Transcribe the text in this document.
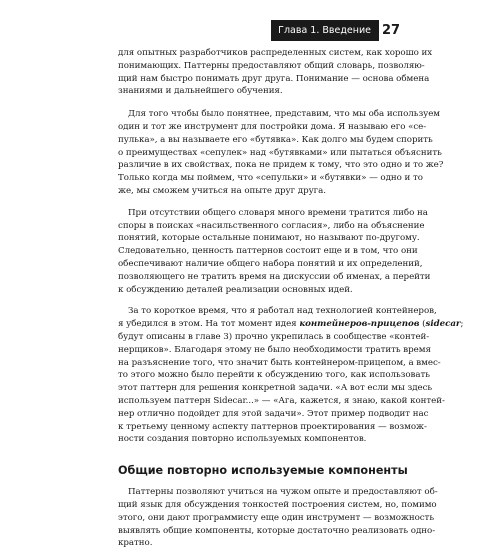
Глава 1. Введение 27

для опытных разработчиков распределенных систем, как хорошо их
понимающих. Паттерны предоставляют общий словарь, позволяю-
щий нам быстро понимать друг друга. Понимание — основа обмена
знаниями и дальнейшего обучения.

Для того чтобы было понятнее, представим, что мы оба используем
один и тот же инструмент для постройки дома. Я называю его «се-
пулька», а вы называете его «бутявка». Как долго мы будем спорить
о преимуществах «сепулек» над «бутявками» или пытаться объяснить
различие в их свойствах, пока не придем к тому, что это одно и то же?
Только когда мы поймем, что «сепульки» и «бутявки» — одно и то
же, мы сможем учиться на опыте друг друга.

При отсутствии общего словаря много времени тратится либо на
споры в поисках «насильственного согласия», либо на объяснение
понятий, которые остальные понимают, но называют по-другому.
Следовательно, ценность паттернов состоит еще и в том, что они
обеспечивают наличие общего набора понятий и их определений,
позволяющего не тратить время на дискуссии об именах, а перейти
к обсуждению деталей реализации основных идей.

За то короткое время, что я работал над технологией контейнеров,
я убедился в этом. На тот момент идея контейнеров-прицепов (sidecar;
будут описаны в главе 3) прочно укрепилась в сообществе «контей-
нерщиков». Благодаря этому не было необходимости тратить время
на разъяснение того, что значит быть контейнером-прицепом, а вмес-
то этого можно было перейти к обсуждению того, как использовать
этот паттерн для решения конкретной задачи. «А вот если мы здесь
используем паттерн Sidecar...» — «Ага, кажется, я знаю, какой контей-
нер отлично подойдет для этой задачи». Этот пример подводит нас
к третьему ценному аспекту паттернов проектирования — возмож-
ности создания повторно используемых компонентов.

Общие повторно используемые компоненты

Паттерны позволяют учиться на чужом опыте и предоставляют об-
щий язык для обсуждения тонкостей построения систем, но, помимо
этого, они дают программисту еще один инструмент — возможность
выявлять общие компоненты, которые достаточно реализовать одно-
кратно.
